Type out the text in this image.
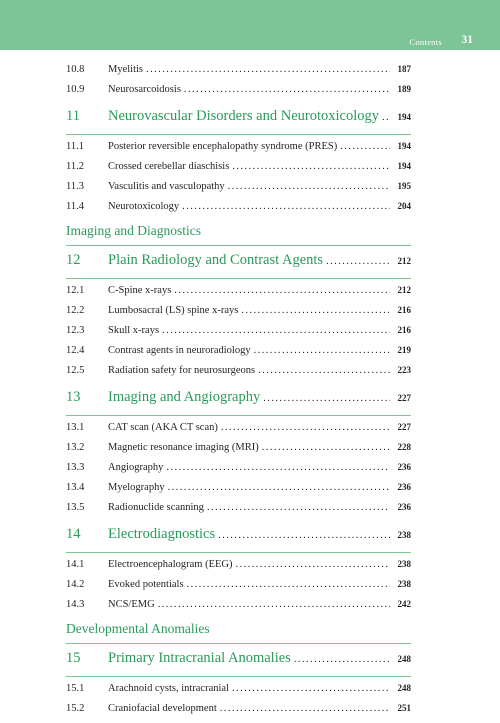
Contents 31
10.8	Myelitis . . .	187
10.9	Neurosarcoidosis . . .	189
11	Neurovascular Disorders and Neurotoxicology . . .	194
11.1	Posterior reversible encephalopathy syndrome (PRES) . . .	194
11.2	Crossed cerebellar diaschisis . . .	194
11.3	Vasculitis and vasculopathy . . .	195
11.4	Neurotoxicology . . .	204
Imaging and Diagnostics
12	Plain Radiology and Contrast Agents . . .	212
12.1	C-Spine x-rays . . .	212
12.2	Lumbosacral (LS) spine x-rays . . .	216
12.3	Skull x-rays . . .	216
12.4	Contrast agents in neuroradiology . . .	219
12.5	Radiation safety for neurosurgeons . . .	223
13	Imaging and Angiography . . .	227
13.1	CAT scan (AKA CT scan) . . .	227
13.2	Magnetic resonance imaging (MRI) . . .	228
13.3	Angiography . . .	236
13.4	Myelography . . .	236
13.5	Radionuclide scanning . . .	236
14	Electrodiagnostics . . .	238
14.1	Electroencephalogram (EEG) . . .	238
14.2	Evoked potentials . . .	238
14.3	NCS/EMG . . .	242
Developmental Anomalies
15	Primary Intracranial Anomalies . . .	248
15.1	Arachnoid cysts, intracranial . . .	248
15.2	Craniofacial development . . .	251
